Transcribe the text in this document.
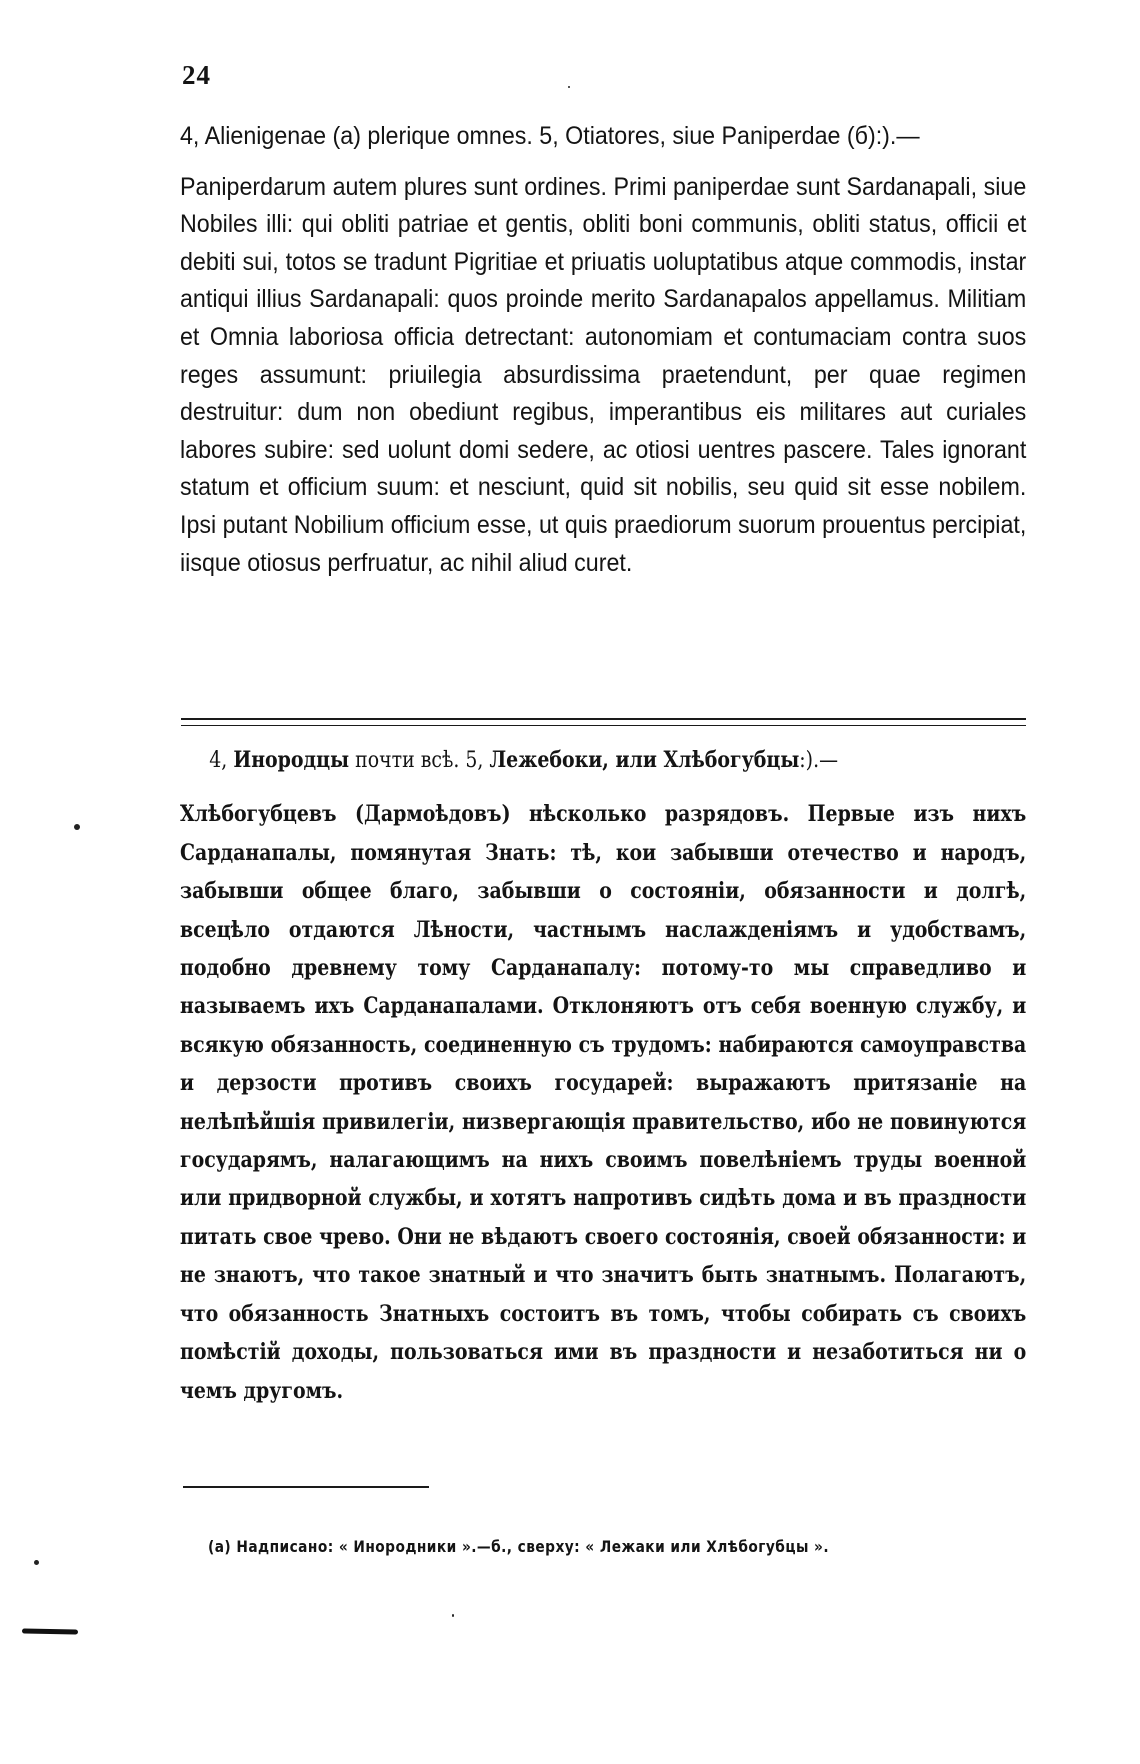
24

4, Alienigenae (a) plerique omnes. 5, Otiatores, siue Paniperdae (б):).—

Paniperdarum autem plures sunt ordines. Primi paniperdae sunt Sardanapali, siue Nobiles illi: qui obliti patriae et gentis, obliti boni communis, obliti status, officii et debiti sui, totos se tradunt Pigritiae et priuatis uoluptatibus atque commodis, instar antiqui illius Sardanapali: quos proinde merito Sardanapalos appellamus. Militiam et Omnia laboriosa officia detrectant: autonomiam et contumaciam contra suos reges assumunt: priuilegia absurdissima praetendunt, per quae regimen destruitur: dum non obediunt regibus, imperantibus eis militares aut curiales labores subire: sed uolunt domi sedere, ac otiosi uentres pascere. Tales ignorant statum et officium suum: et nesciunt, quid sit nobilis, seu quid sit esse nobilem. Ipsi putant Nobilium officium esse, ut quis praediorum suorum prouentus percipiat, iisque otiosus perfruatur, ac nihil aliud curet.

4, Инородцы почти всѣ. 5, Лежебоки, или Хлѣбогубцы:).—

Хлѣбогубцевъ (Дармоѣдовъ) нѣсколько разрядовъ. Первые изъ нихъ Сарданапалы, помянутая Знать: тѣ, кои забывши отечество и народъ, забывши общее благо, забывши о состояніи, обязанности и долгѣ, всецѣло отдаются Лѣности, частнымъ наслажденіямъ и удобствамъ, подобно древнему тому Сарданапалу: потому-то мы справедливо и называемъ ихъ Сарданапалами. Отклоняютъ отъ себя военную службу, и всякую обязанность, соединенную съ трудомъ: набираются самоуправства и дерзости противъ своихъ государей: выражаютъ притязаніе на нелѣпѣйшія привилегіи, низвергающія правительство, ибо не повинуются государямъ, налагающимъ на нихъ своимъ повелѣніемъ труды военной или придворной службы, и хотятъ напротивъ сидѣть дома и въ праздности питать свое чрево. Они не вѣдаютъ своего состоянія, своей обязанности: и не знаютъ, что такое знатный и что значитъ быть знатнымъ. Полагаютъ, что обязанность Знатныхъ состоитъ въ томъ, чтобы собирать съ своихъ помѣстій доходы, пользоваться ими въ праздности и незаботиться ни о чемъ другомъ.

(а) Надписано: « Инородники ».—б., сверху: « Лежаки или Хлѣбогубцы ».
